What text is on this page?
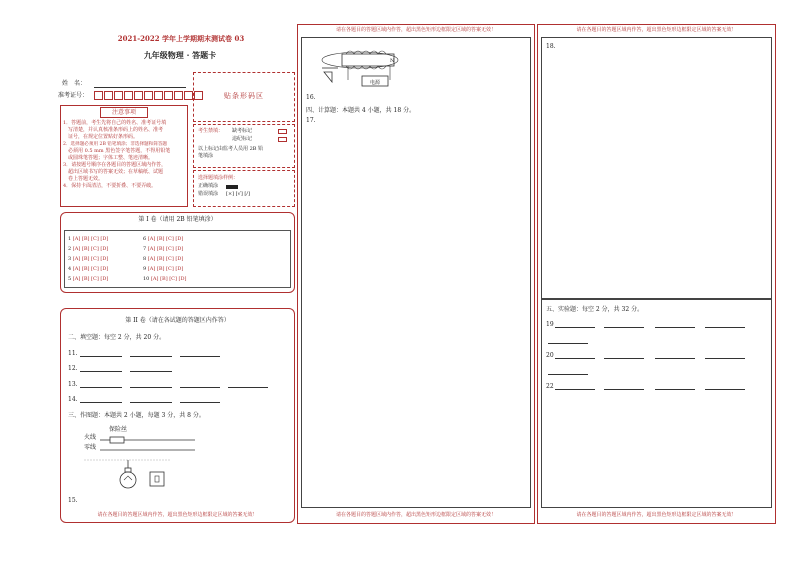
2021-2022 学年上学期期末测试卷 03
九年级物理 · 答题卡
姓　名：
准考证号：	贴条形码区
注意事项
1．答题前，考生先将自己的姓名、准考证号填
　写清楚，并认真核准条形码上的姓名、准考
　证号，在规定位置贴好条形码。
2．选择题必须用 2B 铅笔填涂；非选择题和简答题
　必须用 0.5 mm 黑色签字笔答题，不得用铅笔
　或圆珠笔答题；字体工整、笔迹清晰。
3．请按题号顺序在各题目的答题区域内作答，
　超出区域书写的答案无效；在草稿纸、试题
　卷上答题无效。
4．保持卡面清洁，不要折叠、不要弄破。
考生禁填： 缺考标记
违纪标记
以上标记由监考人员用 2B 铅
笔填涂
选择题填涂样例：
正确填涂
错误填涂 [×] [√] [/]
第 I 卷（请用 2B 铅笔填涂）
1 [A] [B] [C] [D]
2 [A] [B] [C] [D]
3 [A] [B] [C] [D]
4 [A] [B] [C] [D]
5 [A] [B] [C] [D]
6 [A] [B] [C] [D]
7 [A] [B] [C] [D]
8 [A] [B] [C] [D]
9 [A] [B] [C] [D]
10 [A] [B] [C] [D]
第 II 卷（请在各试题的答题区内作答）
二、填空题：每空 2 分，共 20 分。
11.
12.
13.
14.
三、作图题：本题共 2 小题，每题 3 分，共 8 分。
保险丝
火线
零线
15.
请在各题目的答题区域内作答，超出黑色矩形边框限定区域的答案无效！
请在各题目的答题区域内作答，超出黑色矩形边框限定区域的答案无效！
N
电源
16.
四、计算题：本题共 4 小题，共 18 分。
17.
请在各题目的答题区域内作答，超出黑色矩形边框限定区域的答案无效！
请在各题目的答题区域内作答，超出黑色矩形边框限定区域的答案无效！
18.
五、实验题：每空 2 分，共 32 分。
19
20
22
请在各题目的答题区域内作答，超出黑色矩形边框限定区域的答案无效！
